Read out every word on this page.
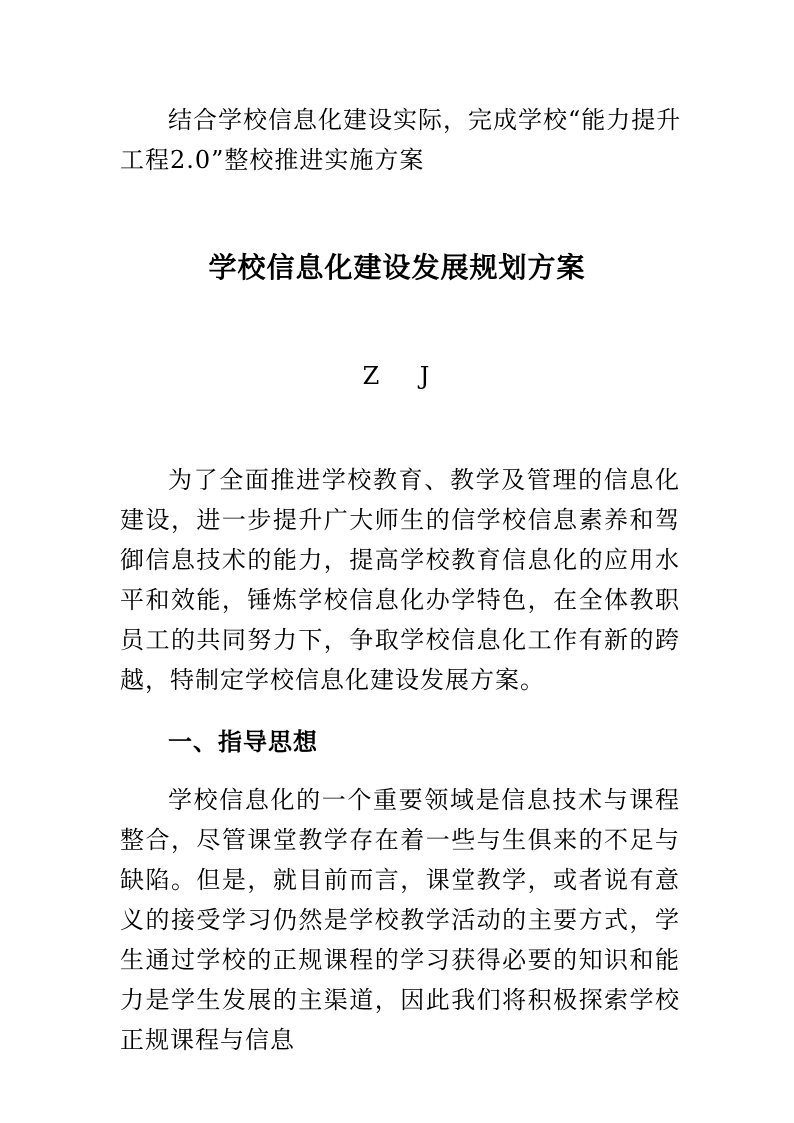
结合学校信息化建设实际，完成学校“能力提升工程2.0”整校推进实施方案

学校信息化建设发展规划方案

Z    J

为了全面推进学校教育、教学及管理的信息化建设，进一步提升广大师生的信学校信息素养和驾御信息技术的能力，提高学校教育信息化的应用水平和效能，锤炼学校信息化办学特色，在全体教职员工的共同努力下，争取学校信息化工作有新的跨越，特制定学校信息化建设发展方案。

一、指导思想

学校信息化的一个重要领域是信息技术与课程整合，尽管课堂教学存在着一些与生俱来的不足与缺陷。但是，就目前而言，课堂教学，或者说有意义的接受学习仍然是学校教学活动的主要方式，学生通过学校的正规课程的学习获得必要的知识和能力是学生发展的主渠道，因此我们将积极探索学校正规课程与信息
